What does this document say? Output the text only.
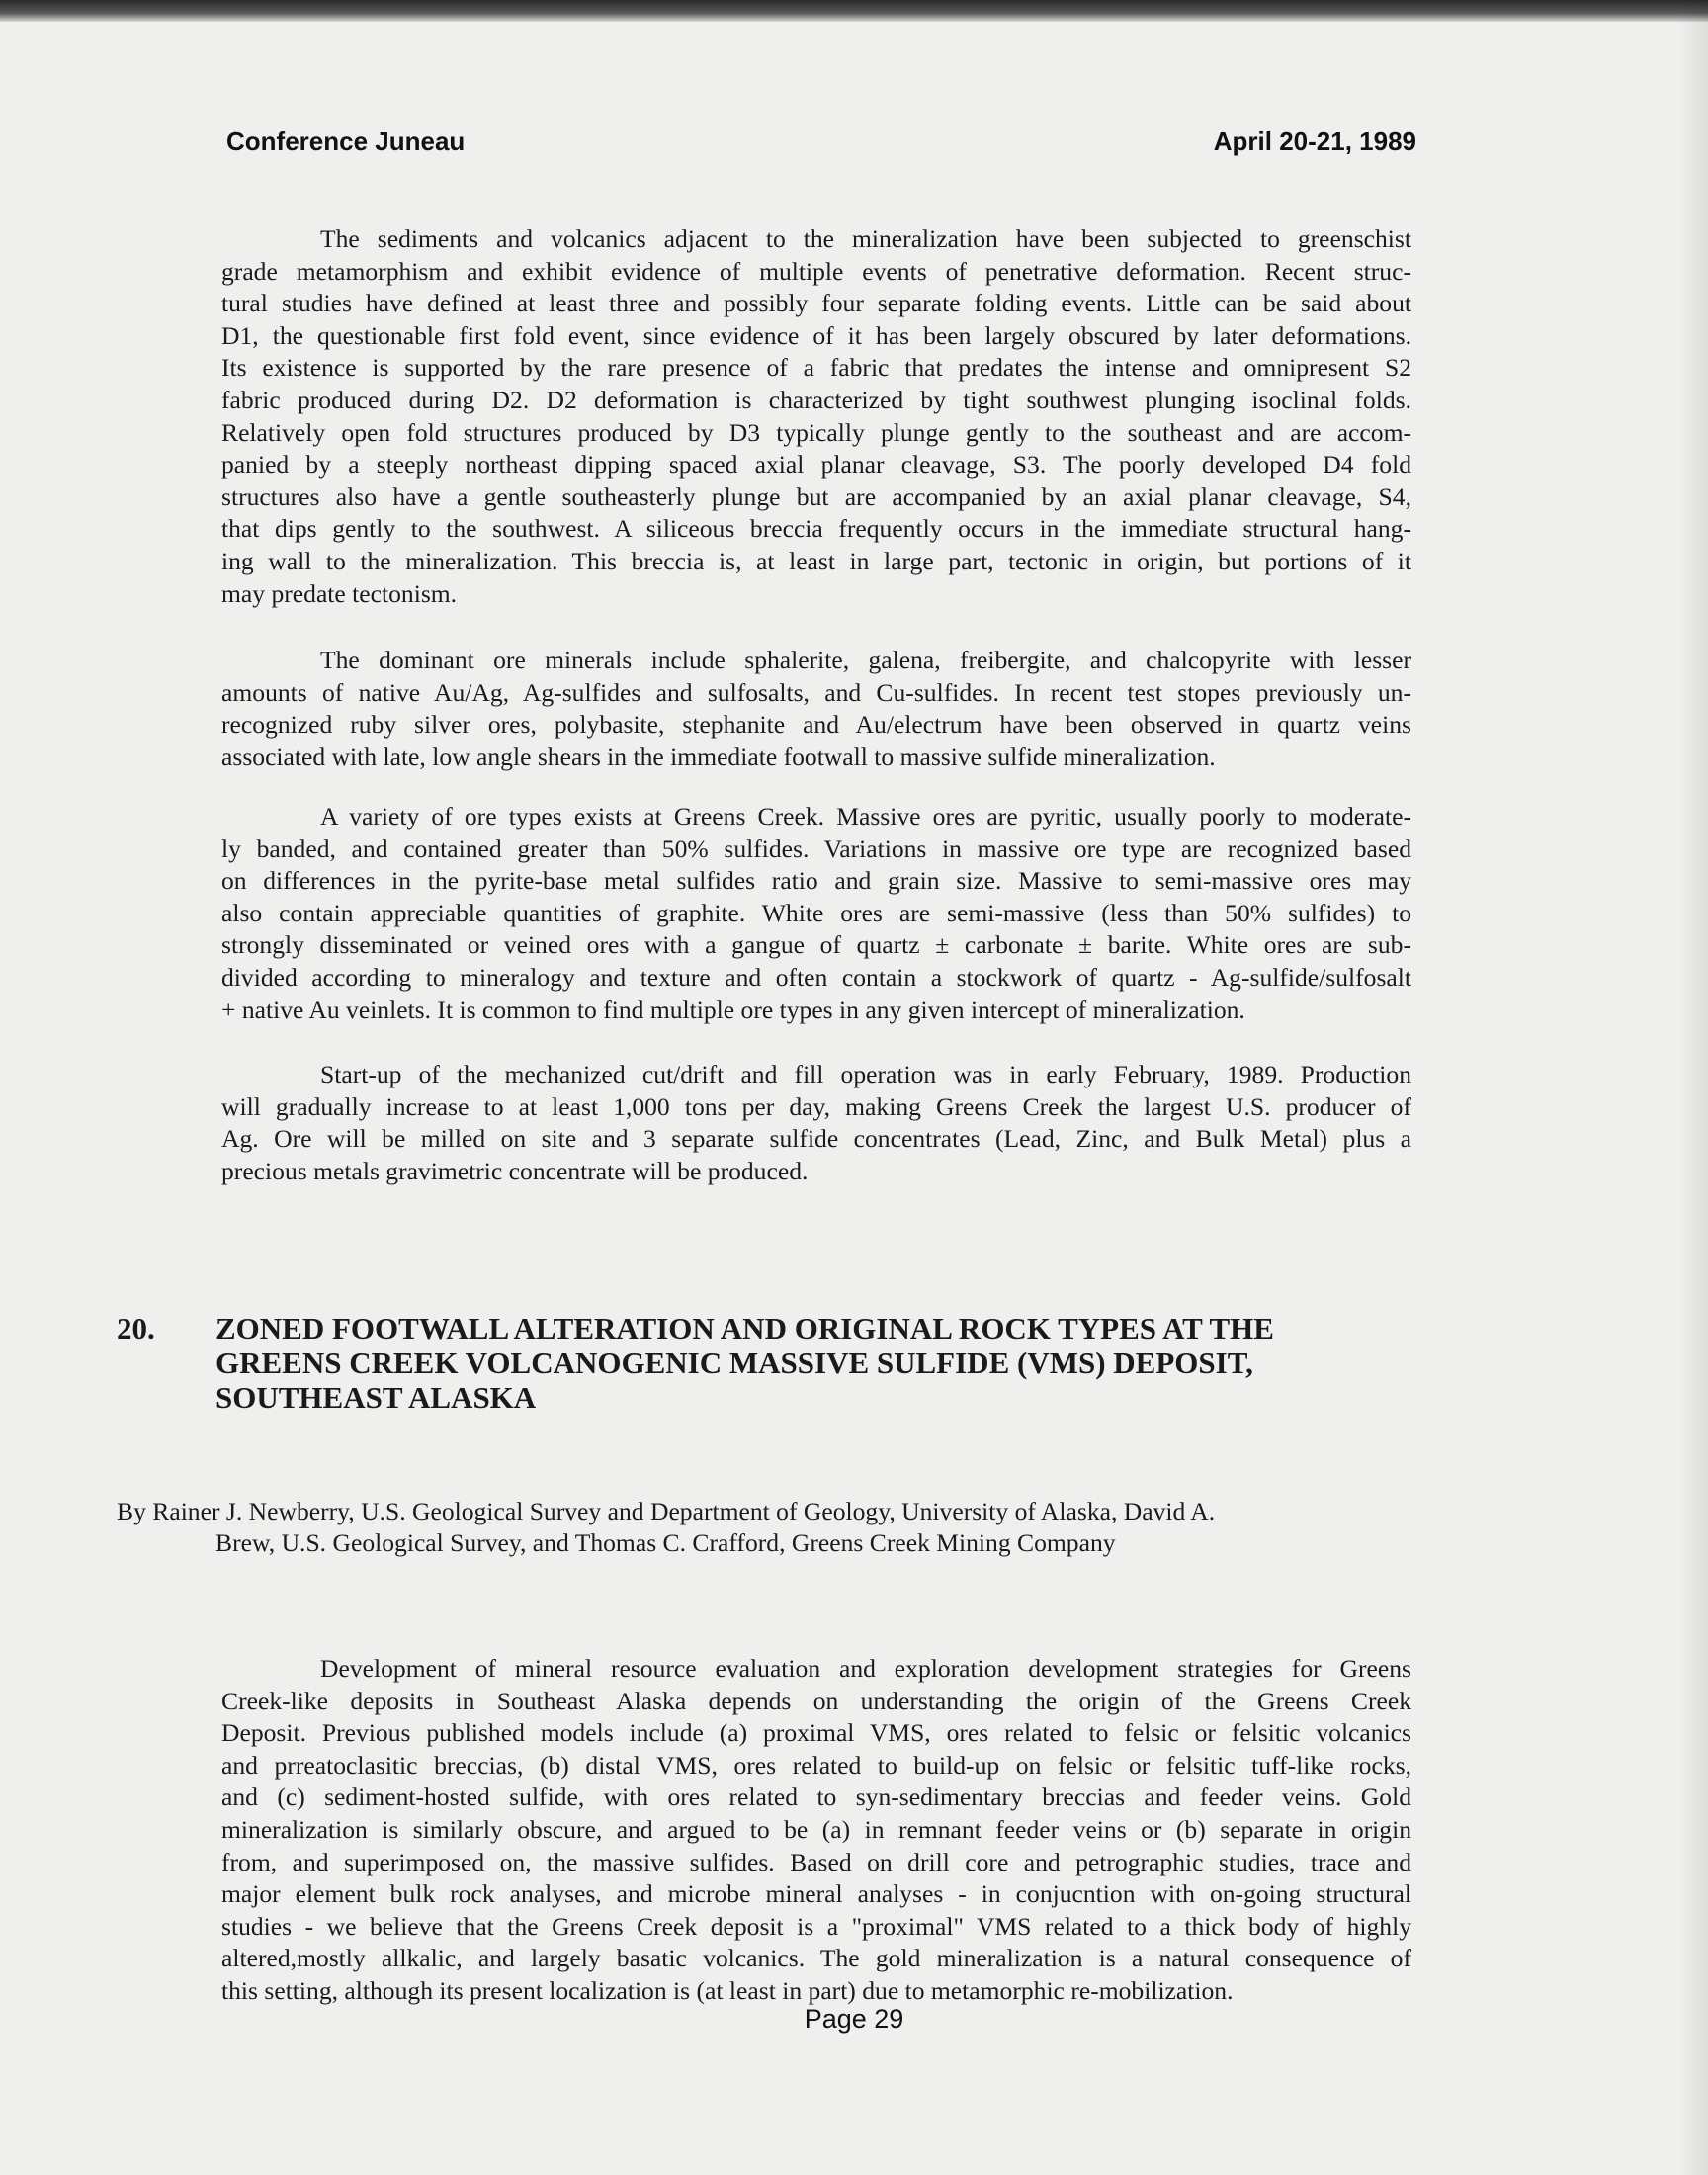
Conference Juneau	April 20-21, 1989

The sediments and volcanics adjacent to the mineralization have been subjected to greenschist
grade metamorphism and exhibit evidence of multiple events of penetrative deformation. Recent struc-
tural studies have defined at least three and possibly four separate folding events. Little can be said about
D1, the questionable first fold event, since evidence of it has been largely obscured by later deformations.
Its existence is supported by the rare presence of a fabric that predates the intense and omnipresent S2
fabric produced during D2. D2 deformation is characterized by tight southwest plunging isoclinal folds.
Relatively open fold structures produced by D3 typically plunge gently to the southeast and are accom-
panied by a steeply northeast dipping spaced axial planar cleavage, S3. The poorly developed D4 fold
structures also have a gentle southeasterly plunge but are accompanied by an axial planar cleavage, S4,
that dips gently to the southwest. A siliceous breccia frequently occurs in the immediate structural hang-
ing wall to the mineralization. This breccia is, at least in large part, tectonic in origin, but portions of it
may predate tectonism.

The dominant ore minerals include sphalerite, galena, freibergite, and chalcopyrite with lesser
amounts of native Au/Ag, Ag-sulfides and sulfosalts, and Cu-sulfides. In recent test stopes previously un-
recognized ruby silver ores, polybasite, stephanite and Au/electrum have been observed in quartz veins
associated with late, low angle shears in the immediate footwall to massive sulfide mineralization.

A variety of ore types exists at Greens Creek. Massive ores are pyritic, usually poorly to moderate-
ly banded, and contained greater than 50% sulfides. Variations in massive ore type are recognized based
on differences in the pyrite-base metal sulfides ratio and grain size. Massive to semi-massive ores may
also contain appreciable quantities of graphite. White ores are semi-massive (less than 50% sulfides) to
strongly disseminated or veined ores with a gangue of quartz ± carbonate ± barite. White ores are sub-
divided according to mineralogy and texture and often contain a stockwork of quartz - Ag-sulfide/sulfosalt
+ native Au veinlets. It is common to find multiple ore types in any given intercept of mineralization.

Start-up of the mechanized cut/drift and fill operation was in early February, 1989. Production
will gradually increase to at least 1,000 tons per day, making Greens Creek the largest U.S. producer of
Ag. Ore will be milled on site and 3 separate sulfide concentrates (Lead, Zinc, and Bulk Metal) plus a
precious metals gravimetric concentrate will be produced.

20. ZONED FOOTWALL ALTERATION AND ORIGINAL ROCK TYPES AT THE
GREENS CREEK VOLCANOGENIC MASSIVE SULFIDE (VMS) DEPOSIT,
SOUTHEAST ALASKA

By Rainer J. Newberry, U.S. Geological Survey and Department of Geology, University of Alaska, David A.
Brew, U.S. Geological Survey, and Thomas C. Crafford, Greens Creek Mining Company

Development of mineral resource evaluation and exploration development strategies for Greens
Creek-like deposits in Southeast Alaska depends on understanding the origin of the Greens Creek
Deposit. Previous published models include (a) proximal VMS, ores related to felsic or felsitic volcanics
and prreatoclasitic breccias, (b) distal VMS, ores related to build-up on felsic or felsitic tuff-like rocks,
and (c) sediment-hosted sulfide, with ores related to syn-sedimentary breccias and feeder veins. Gold
mineralization is similarly obscure, and argued to be (a) in remnant feeder veins or (b) separate in origin
from, and superimposed on, the massive sulfides. Based on drill core and petrographic studies, trace and
major element bulk rock analyses, and microbe mineral analyses - in conjucntion with on-going structural
studies - we believe that the Greens Creek deposit is a "proximal" VMS related to a thick body of highly
altered,mostly allkalic, and largely basatic volcanics. The gold mineralization is a natural consequence of
this setting, although its present localization is (at least in part) due to metamorphic re-mobilization.

Page 29
